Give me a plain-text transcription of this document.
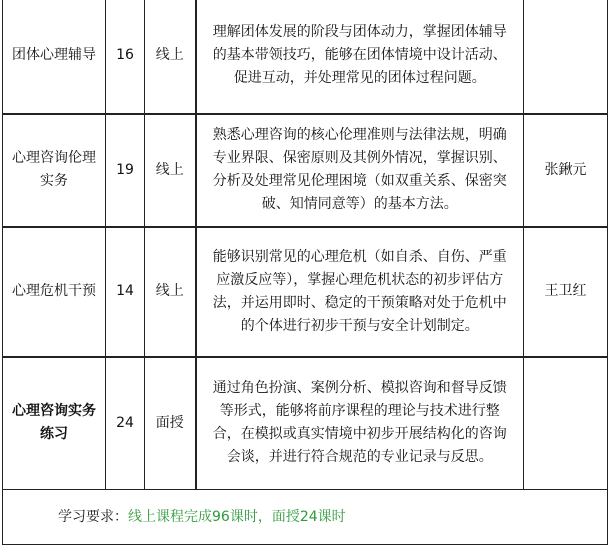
团体心理辅导	16	线上	理解团体发展的阶段与团体动力，掌握团体辅导的基本带领技巧，能够在团体情境中设计活动、促进互动，并处理常见的团体过程问题。	
心理咨询伦理实务	19	线上	熟悉心理咨询的核心伦理准则与法律法规，明确专业界限、保密原则及其例外情况，掌握识别、分析及处理常见伦理困境（如双重关系、保密突破、知情同意等）的基本方法。	张鍬元
心理危机干预	14	线上	能够识别常见的心理危机（如自杀、自伤、严重应激反应等），掌握心理危机状态的初步评估方法，并运用即时、稳定的干预策略对处于危机中的个体进行初步干预与安全计划制定。	王卫红
心理咨询实务练习	24	面授	通过角色扮演、案例分析、模拟咨询和督导反馈等形式，能够将前序课程的理论与技术进行整合，在模拟或真实情境中初步开展结构化的咨询会谈，并进行符合规范的专业记录与反思。	
学习要求：线上课程完成96课时，面授24课时				
